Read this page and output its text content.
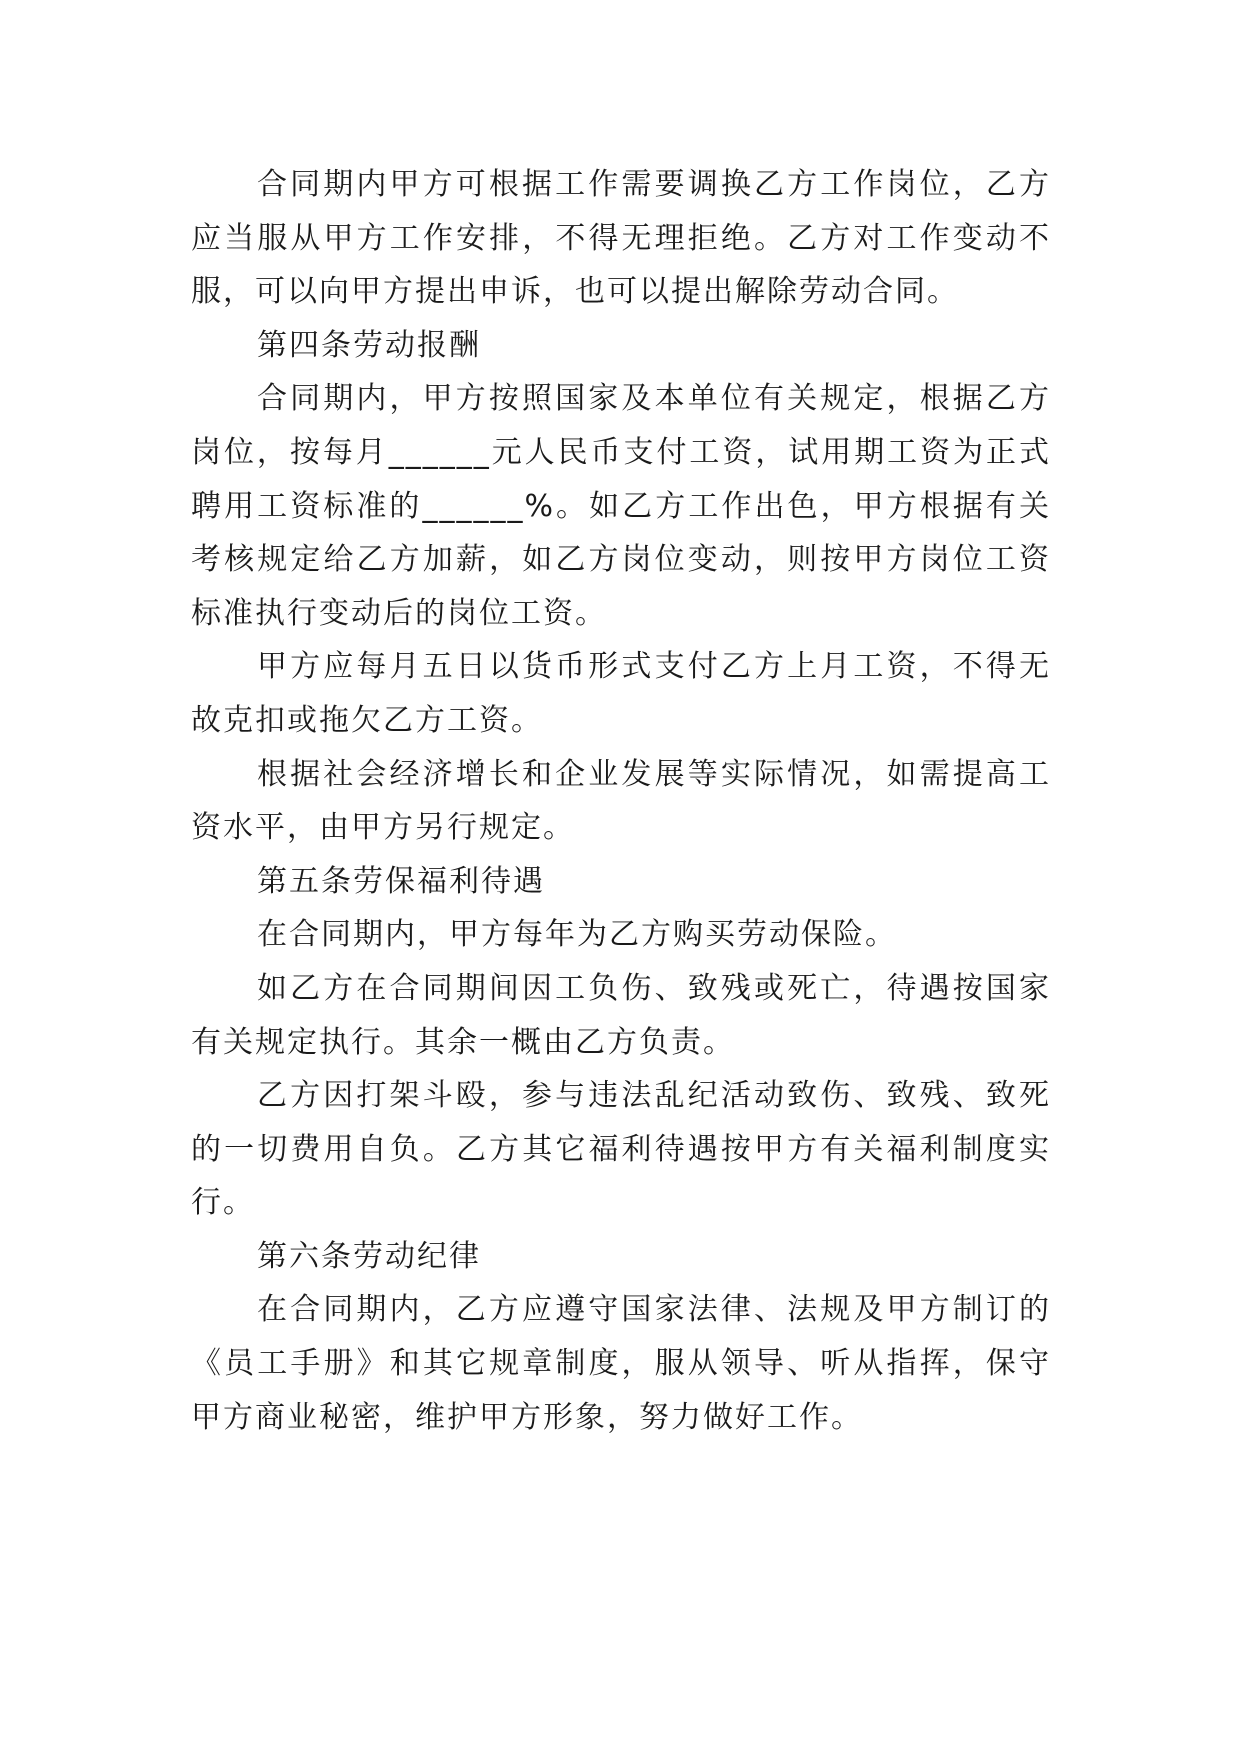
合同期内甲方可根据工作需要调换乙方工作岗位，乙方应当服从甲方工作安排，不得无理拒绝。乙方对工作变动不服，可以向甲方提出申诉，也可以提出解除劳动合同。

第四条劳动报酬

合同期内，甲方按照国家及本单位有关规定，根据乙方岗位，按每月______元人民币支付工资，试用期工资为正式聘用工资标准的______%。如乙方工作出色，甲方根据有关考核规定给乙方加薪，如乙方岗位变动，则按甲方岗位工资标准执行变动后的岗位工资。

甲方应每月五日以货币形式支付乙方上月工资，不得无故克扣或拖欠乙方工资。

根据社会经济增长和企业发展等实际情况，如需提高工资水平，由甲方另行规定。

第五条劳保福利待遇

在合同期内，甲方每年为乙方购买劳动保险。

如乙方在合同期间因工负伤、致残或死亡，待遇按国家有关规定执行。其余一概由乙方负责。

乙方因打架斗殴，参与违法乱纪活动致伤、致残、致死的一切费用自负。乙方其它福利待遇按甲方有关福利制度实行。

第六条劳动纪律

在合同期内，乙方应遵守国家法律、法规及甲方制订的《员工手册》和其它规章制度，服从领导、听从指挥，保守甲方商业秘密，维护甲方形象，努力做好工作。
